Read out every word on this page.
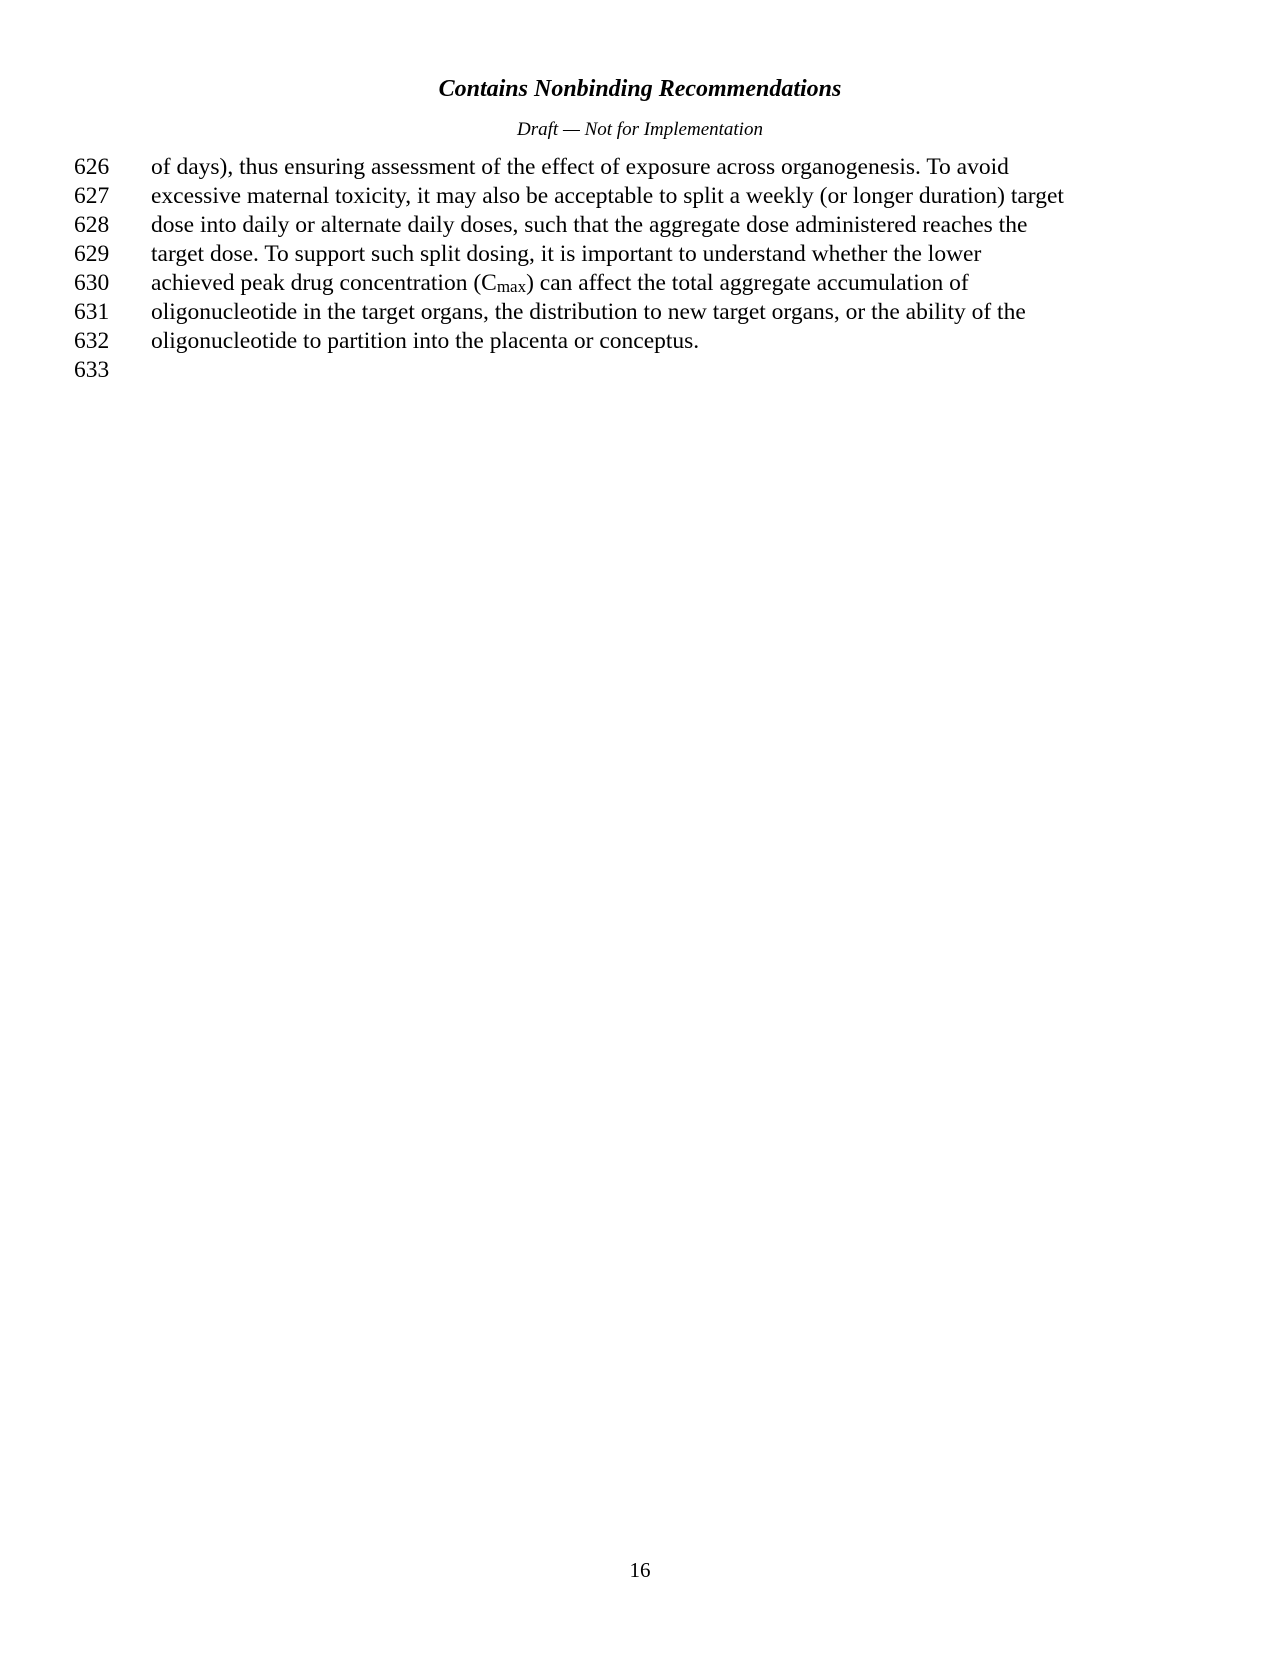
Contains Nonbinding Recommendations
Draft — Not for Implementation
626 of days), thus ensuring assessment of the effect of exposure across organogenesis. To avoid
627 excessive maternal toxicity, it may also be acceptable to split a weekly (or longer duration) target
628 dose into daily or alternate daily doses, such that the aggregate dose administered reaches the
629 target dose. To support such split dosing, it is important to understand whether the lower
630 achieved peak drug concentration (Cmax) can affect the total aggregate accumulation of
631 oligonucleotide in the target organs, the distribution to new target organs, or the ability of the
632 oligonucleotide to partition into the placenta or conceptus.
633
16
